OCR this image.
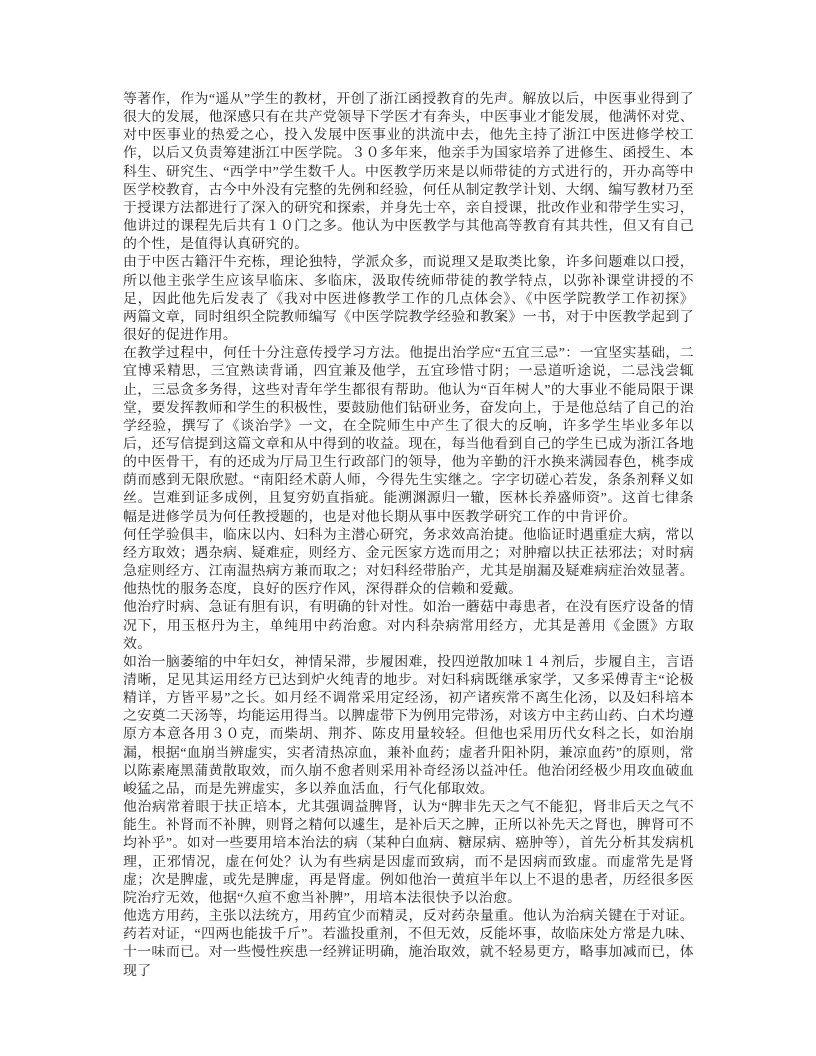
等著作，作为“遥从”学生的教材，开创了浙江函授教育的先声。解放以后，中医事业得到了很大的发展，他深感只有在共产党领导下学医才有奔头，中医事业才能发展，他满怀对党、对中医事业的热爱之心，投入发展中医事业的洪流中去，他先主持了浙江中医进修学校工作，以后又负责筹建浙江中医学院。３０多年来，他亲手为国家培养了进修生、函授生、本科生、研究生、“西学中”学生数千人。中医教学历来是以师带徒的方式进行的，开办高等中医学校教育，古今中外没有完整的先例和经验，何任从制定教学计划、大纲、编写教材乃至于授课方法都进行了深入的研究和探索，并身先士卒，亲自授课，批改作业和带学生实习，他讲过的课程先后共有１０门之多。他认为中医教学与其他高等教育有其共性，但又有自己的个性，是值得认真研究的。

由于中医古籍汗牛充栋，理论独特，学派众多，而说理又是取类比象，许多问题难以口授，所以他主张学生应该早临床、多临床，汲取传统师带徒的教学特点，以弥补课堂讲授的不足，因此他先后发表了《我对中医进修教学工作的几点体会》、《中医学院教学工作初探》两篇文章，同时组织全院教师编写《中医学院教学经验和教案》一书，对于中医教学起到了很好的促进作用。

在教学过程中，何任十分注意传授学习方法。他提出治学应“五宜三忌”：一宜坚实基础，二宜博采精思，三宜熟读背诵，四宜兼及他学，五宜珍惜寸阴；一忌道听途说，二忌浅尝辄止，三忌贪多务得，这些对青年学生都很有帮助。他认为“百年树人”的大事业不能局限于课堂，要发挥教师和学生的积极性，要鼓励他们钻研业务，奋发向上，于是他总结了自己的治学经验，撰写了《谈治学》一文，在全院师生中产生了很大的反响，许多学生毕业多年以后，还写信提到这篇文章和从中得到的收益。现在，每当他看到自己的学生已成为浙江各地的中医骨干，有的还成为厅局卫生行政部门的领导，他为辛勤的汗水换来满园春色，桃李成荫而感到无限欣慰。“南阳经术蔚人师，今得先生实继之。字字切磋心若发，条条剂释义如丝。岂难到证多成例，且复穷奶直指疵。能溯渊源归一辙，医林长养盛师资”。这首七律条幅是进修学员为何任教授题的，也是对他长期从事中医教学研究工作的中肯评价。

何任学验俱丰，临床以内、妇科为主潜心研究，务求效高治捷。他临证时遇重症大病，常以经方取效；遇杂病、疑难症，则经方、金元医家方选而用之；对肿瘤以扶正祛邪法；对时病急症则经方、江南温热病方兼而取之；对妇科经带胎产，尤其是崩漏及疑难病症治效显著。他热忱的服务态度，良好的医疗作风，深得群众的信赖和爱戴。

他治疗时病、急证有胆有识，有明确的针对性。如治一蘑菇中毒患者，在没有医疗设备的情况下，用玉枢丹为主，单纯用中药治愈。对内科杂病常用经方，尤其是善用《金匮》方取效。

如治一脑萎缩的中年妇女，神情呆滞，步履困难，投四逆散加味１４剂后，步履自主，言语清晰，足见其运用经方已达到炉火纯青的地步。对妇科病既继承家学，又多采傅青主“论极精详，方皆平易”之长。如月经不调常采用定经汤，初产诸疾常不离生化汤，以及妇科培本之安奠二天汤等，均能运用得当。以脾虚带下为例用完带汤，对该方中主药山药、白术均遵原方本意各用３０克，而柴胡、荆芥、陈皮用量较轻。但他也采用历代女科之长，如治崩漏，根据“血崩当辨虚实，实者清热凉血，兼补血药；虚者升阳补阴，兼凉血药”的原则，常以陈素庵黑蒲黄散取效，而久崩不愈者则采用补奇经汤以益冲任。他治闭经极少用攻血破血峻猛之品，而是先辨虚实，多以养血活血，行气化郁取效。

他治病常着眼于扶正培本，尤其强调益脾肾，认为“脾非先天之气不能犯，肾非后天之气不能生。补肾而不补脾，则肾之精何以遽生，是补后天之脾，正所以补先天之肾也，脾肾可不均补乎”。如对一些要用培本治法的病（某种白血病、糖尿病、癌肿等），首先分析其发病机理，正邪情况，虚在何处？认为有些病是因虚而致病，而不是因病而致虚。而虚常先是肾虚；次是脾虚，或先是脾虚，再是肾虚。例如他治一黄疸半年以上不退的患者，历经很多医院治疗无效，他据“久疸不愈当补脾”，用培本法很快予以治愈。

他选方用药，主张以法统方，用药宜少而精灵，反对药杂量重。他认为治病关键在于对证。药若对证，“四两也能拔千斤”。若滥投重剂，不但无效，反能坏事，故临床处方常是九味、十一味而已。对一些慢性疾患一经辨证明确，施治取效，就不轻易更方，略事加减而已，体现了
